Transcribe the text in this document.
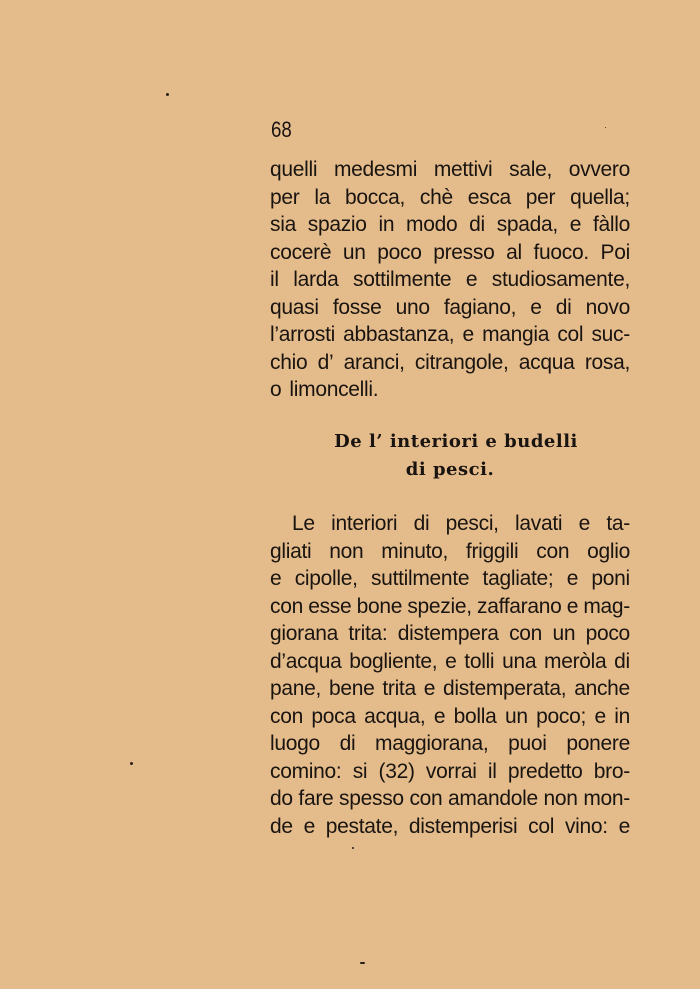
68
quelli medesmi mettivi sale, ovvero
per la bocca, chè esca per quella;
sia spazio in modo di spada, e fàllo
cocerè un poco presso al fuoco. Poi
il larda sottilmente e studiosamente,
quasi fosse uno fagiano, e di novo
l’arrosti abbastanza, e mangia col suc-
chio d’ aranci, citrangole, acqua rosa,
o limoncelli.
De l’ interiori e budelli
di pesci.
Le interiori di pesci, lavati e ta-
gliati non minuto, friggili con oglio
e cipolle, suttilmente tagliate; e poni
con esse bone spezie, zaffarano e mag-
giorana trita: distempera con un poco
d’acqua bogliente, e tolli una meròla di
pane, bene trita e distemperata, anche
con poca acqua, e bolla un poco; e in
luogo di maggiorana, puoi ponere
comino: si (32) vorrai il predetto bro-
do fare spesso con amandole non mon-
de e pestate, distemperisi col vino: e
